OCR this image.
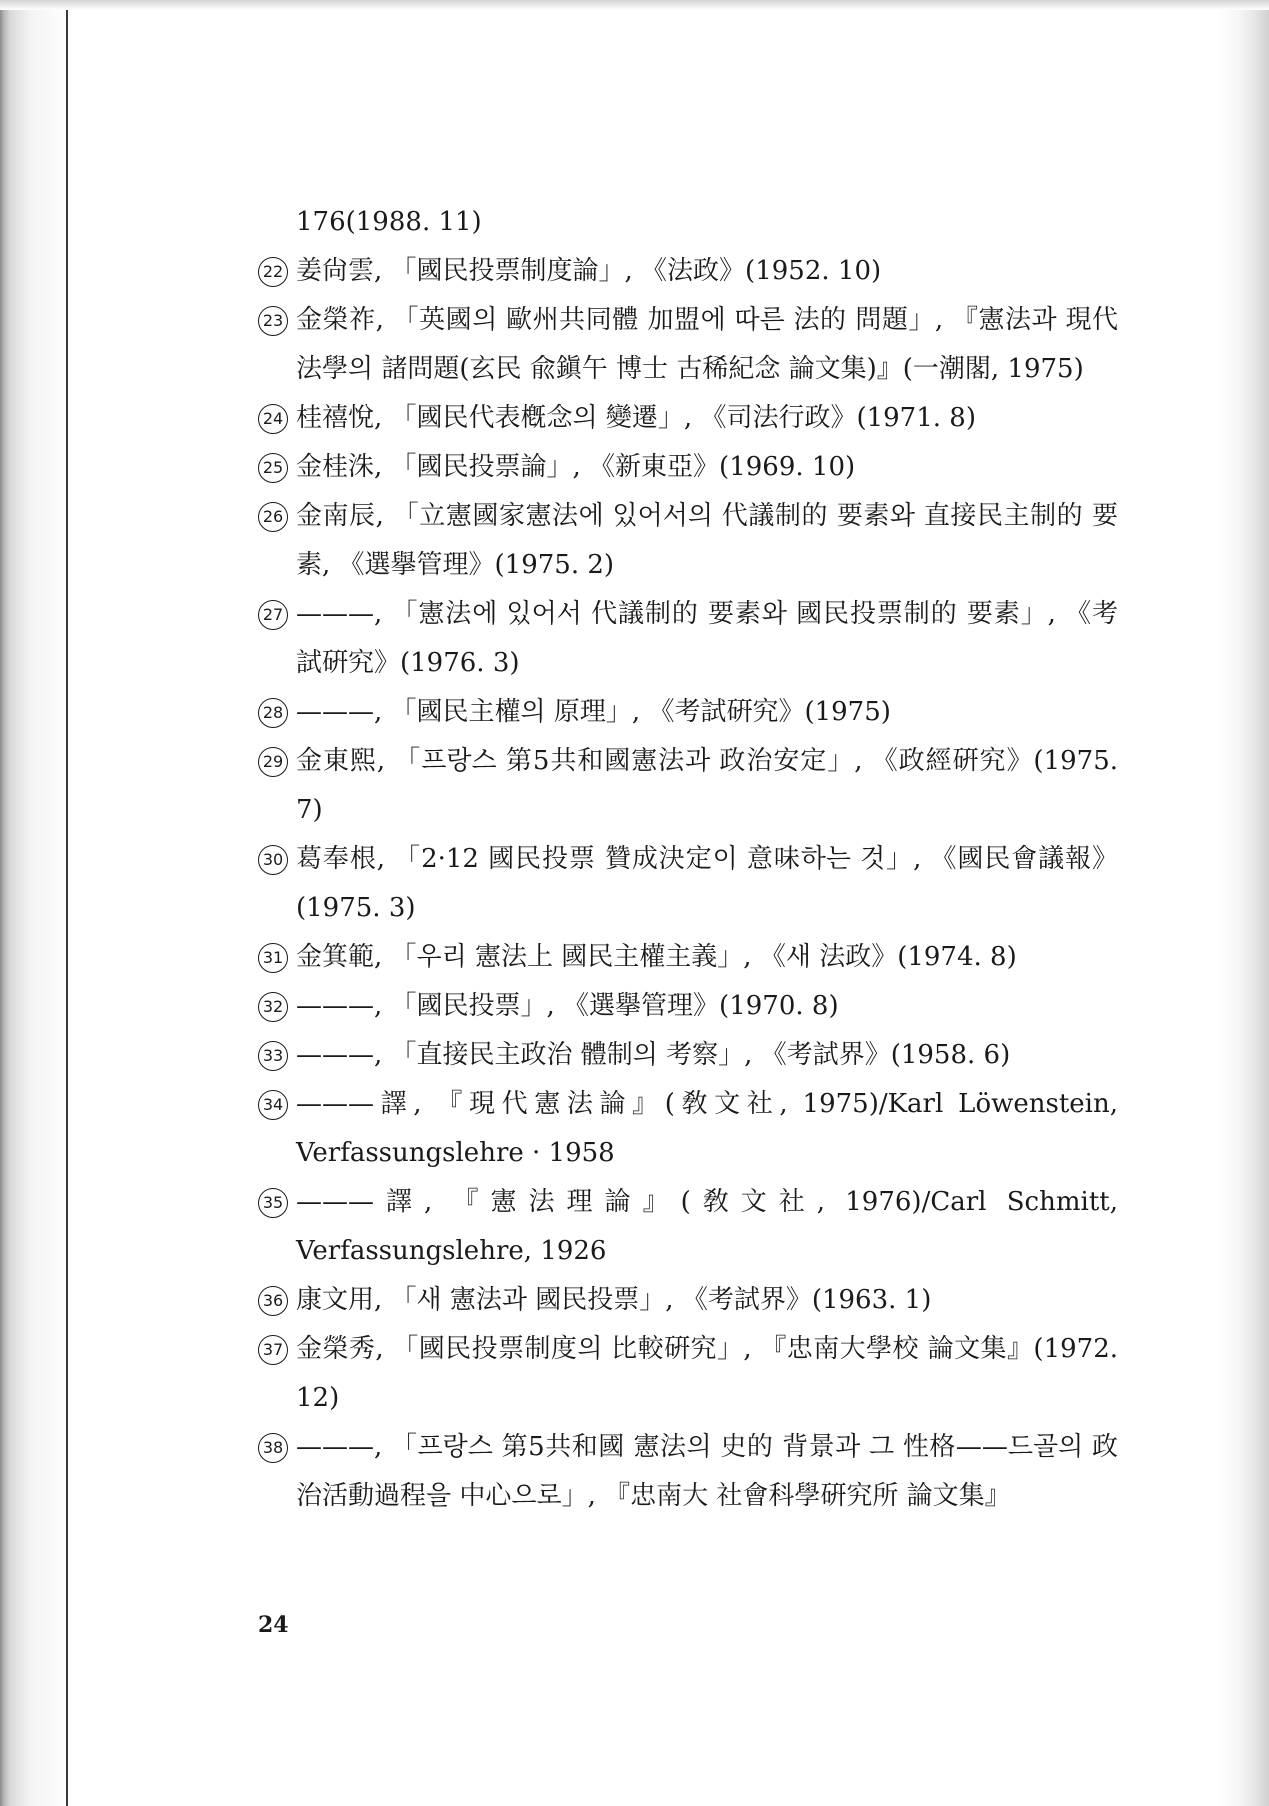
176(1988. 11)
22 姜尙雲, 「國民投票制度論」, 《法政》(1952. 10)
23 金榮祚, 「英國의 歐州共同體 加盟에 따른 法的 問題」, 『憲法과 現代法學의 諸問題(玄民 兪鎭午 博士 古稀紀念 論文集)』(一潮閣, 1975)
24 桂禧悅, 「國民代表槪念의 變遷」, 《司法行政》(1971. 8)
25 金桂洙, 「國民投票論」, 《新東亞》(1969. 10)
26 金南辰, 「立憲國家憲法에 있어서의 代議制的 要素와 直接民主制的 要素, 《選擧管理》(1975. 2)
27 ———, 「憲法에 있어서 代議制的 要素와 國民投票制的 要素」, 《考試硏究》(1976. 3)
28 ———, 「國民主權의 原理」, 《考試硏究》(1975)
29 金東熙, 「프랑스 第5共和國憲法과 政治安定」, 《政經硏究》(1975. 7)
30 葛奉根, 「2·12 國民投票 贊成決定이 意味하는 것」, 《國民會議報》(1975. 3)
31 金箕範, 「우리 憲法上 國民主權主義」, 《새 法政》(1974. 8)
32 ———, 「國民投票」, 《選擧管理》(1970. 8)
33 ———, 「直接民主政治 體制의 考察」, 《考試界》(1958. 6)
34 ———譯, 『現代憲法論』(敎文社, 1975)/Karl Löwenstein, Verfassungslehre · 1958
35 ———譯, 『憲法理論』(敎文社, 1976)/Carl Schmitt, Verfassungslehre, 1926
36 康文用, 「새 憲法과 國民投票」, 《考試界》(1963. 1)
37 金榮秀, 「國民投票制度의 比較硏究」, 『忠南大學校 論文集』(1972. 12)
38 ———, 「프랑스 第5共和國 憲法의 史的 背景과 그 性格——드골의 政治活動過程을 中心으로」, 『忠南大 社會科學硏究所 論文集』
24
